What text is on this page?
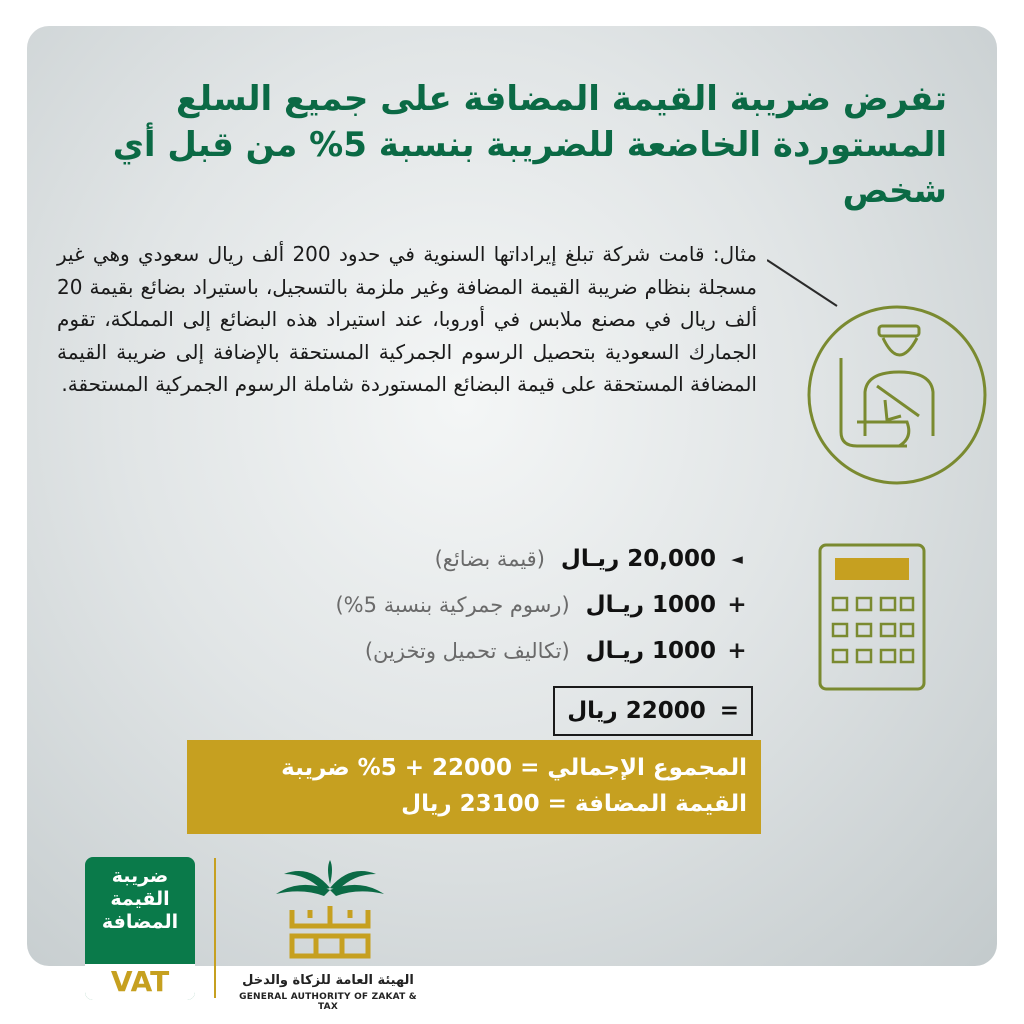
تفرض ضريبة القيمة المضافة على جميع السلع المستوردة الخاضعة للضريبة بنسبة 5% من قبل أي شخص

مثال: قامت شركة تبلغ إيراداتها السنوية في حدود 200 ألف ريال سعودي وهي غير مسجلة بنظام ضريبة القيمة المضافة وغير ملزمة بالتسجيل، باستيراد بضائع بقيمة 20 ألف ريال في مصنع ملابس في أوروبا، عند استيراد هذه البضائع إلى المملكة، تقوم الجمارك السعودية بتحصيل الرسوم الجمركية المستحقة بالإضافة إلى ضريبة القيمة المضافة المستحقة على قيمة البضائع المستوردة شاملة الرسوم الجمركية المستحقة.

◄
20,000 ريـال
(قيمة بضائع)
+
1000 ريـال
(رسوم جمركية بنسبة 5%)
+
1000 ريـال
(تكاليف تحميل وتخزين)
=
22000 ريال
المجموع الإجمالي = 22000 + 5% ضريبة
القيمة المضافة = 23100 ريال
ضريبة
القيمة
المضافة
VAT	الهيئة العامة للزكاة والدخل
GENERAL AUTHORITY OF ZAKAT & TAX
